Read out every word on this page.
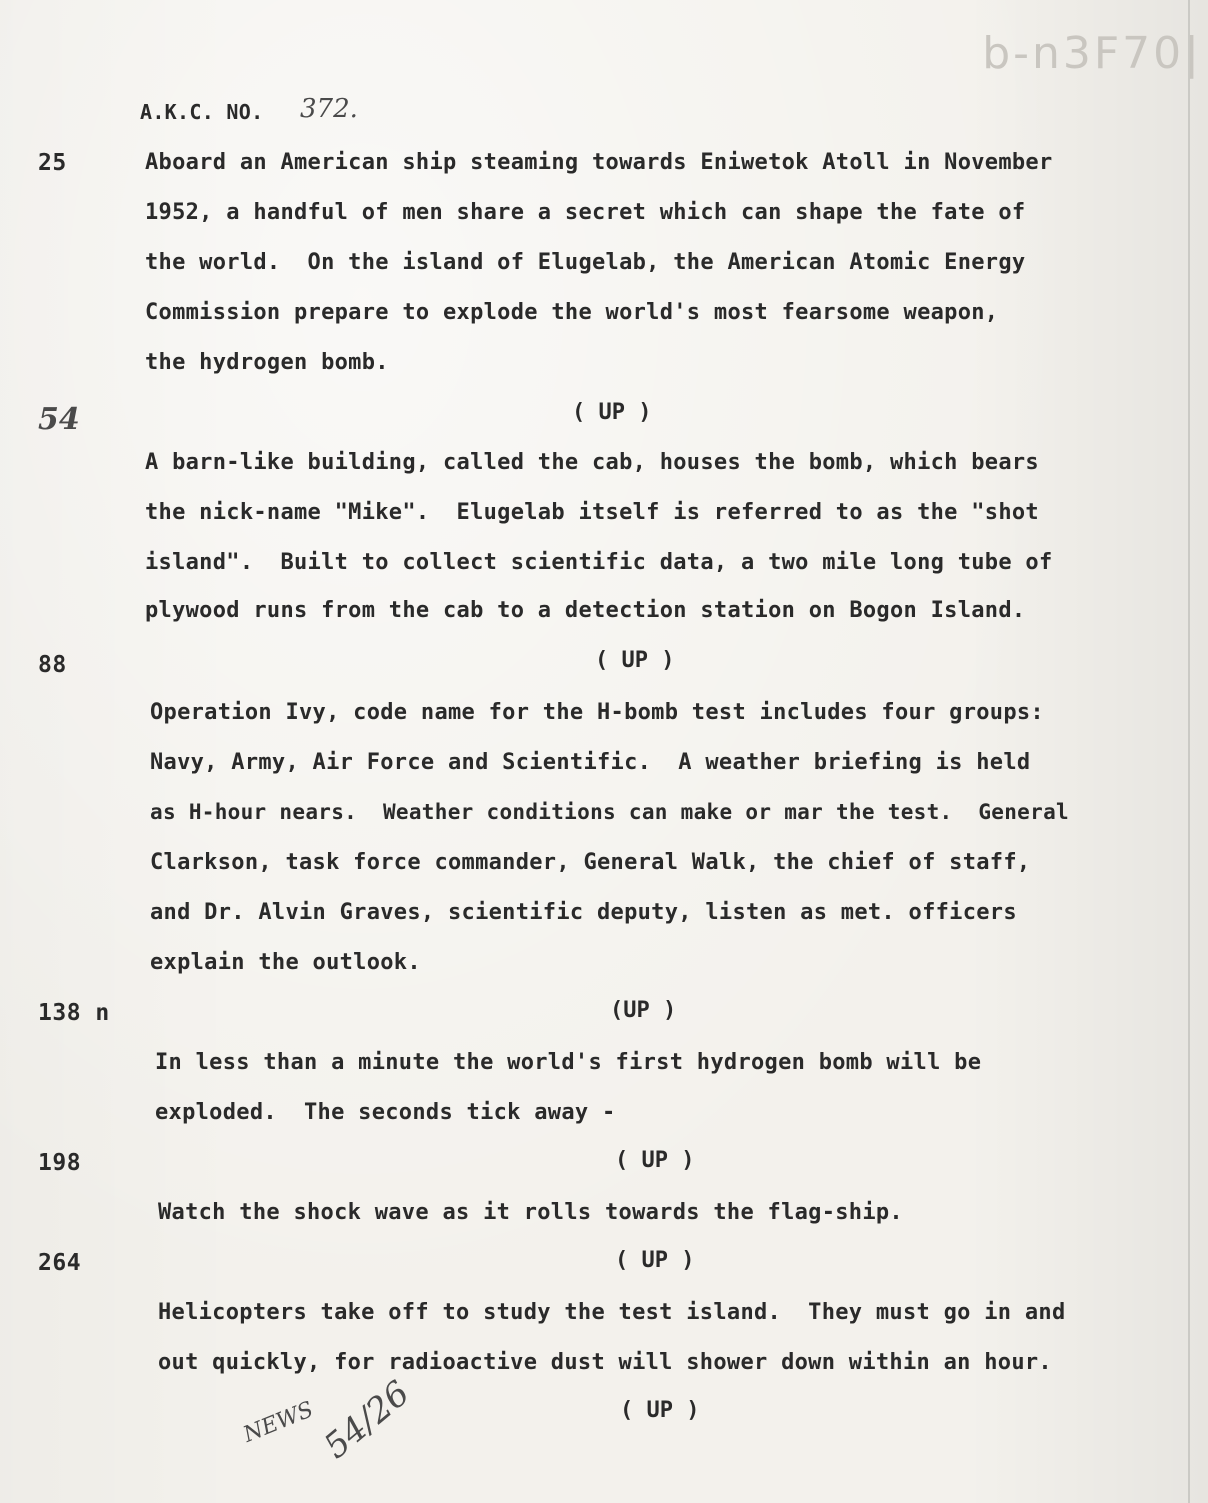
b-n3F70|
A.K.C. NO. 372.
25	Aboard an American ship steaming towards Eniwetok Atoll in November
1952, a handful of men share a secret which can shape the fate of
the world.  On the island of Elugelab, the American Atomic Energy
Commission prepare to explode the world's most fearsome weapon,
the hydrogen bomb.
( UP )
54
A barn-like building, called the cab, houses the bomb, which bears
the nick-name "Mike".  Elugelab itself is referred to as the "shot
island".  Built to collect scientific data, a two mile long tube of
plywood runs from the cab to a detection station on Bogon Island.
( UP )
88
Operation Ivy, code name for the H-bomb test includes four groups:
Navy, Army, Air Force and Scientific.  A weather briefing is held
as H-hour nears.  Weather conditions can make or mar the test.  General
Clarkson, task force commander, General Walk, the chief of staff,
and Dr. Alvin Graves, scientific deputy, listen as met. officers
explain the outlook.
(UP )
138 n
In less than a minute the world's first hydrogen bomb will be
exploded.  The seconds tick away -
( UP )
198
Watch the shock wave as it rolls towards the flag-ship.
( UP )
264
Helicopters take off to study the test island.  They must go in and
out quickly, for radioactive dust will shower down within an hour.
( UP )
NEWS 54/26
